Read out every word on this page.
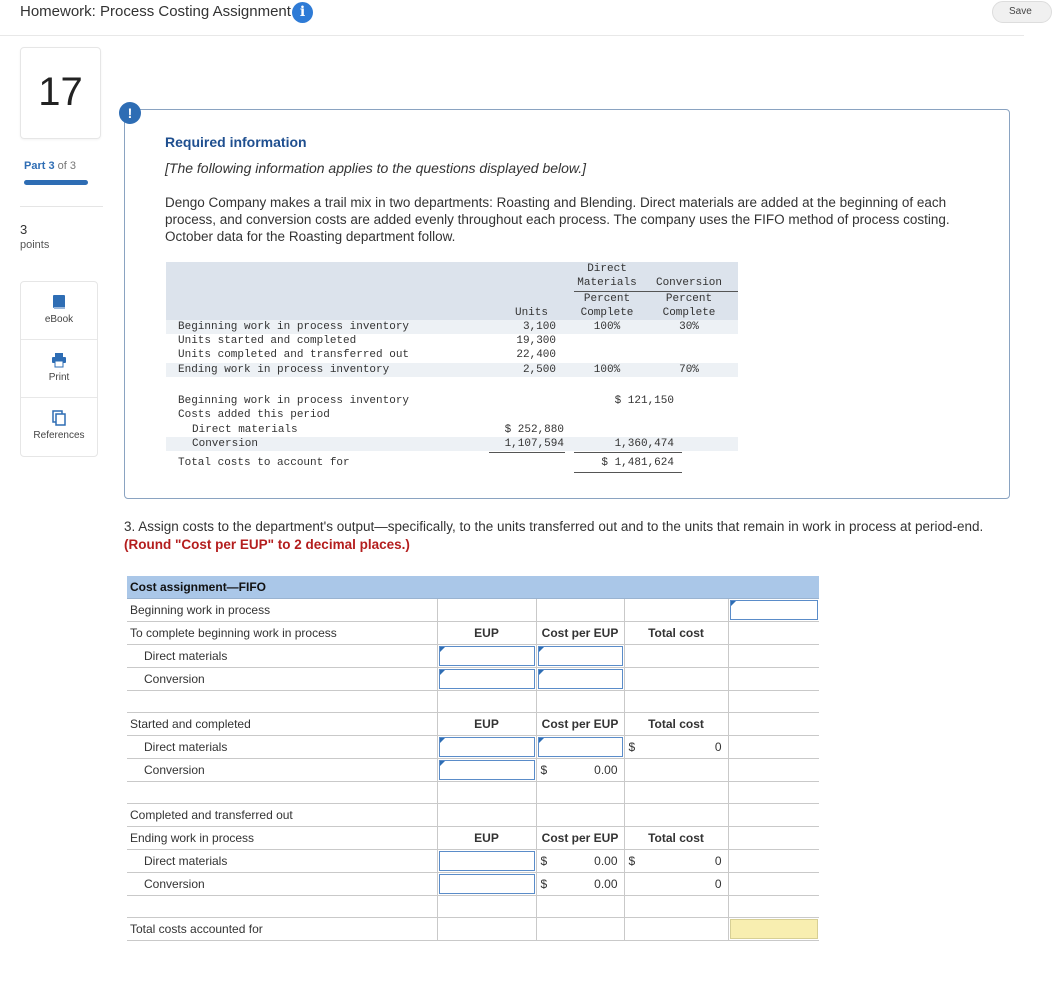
Homework: Process Costing Assignment i	Save
17
Part 3 of 3
3
points
eBook
Print
References
!
Required information
[The following information applies to the questions displayed below.]
Dengo Company makes a trail mix in two departments: Roasting and Blending. Direct materials are added at the beginning of each process, and conversion costs are added evenly throughout each process. The company uses the FIFO method of process costing. October data for the Roasting department follow.
Direct
Materials	Conversion
Percent	Percent
Units	Complete	Complete
Beginning work in process inventory	3,100	100%	30%
Units started and completed	19,300
Units completed and transferred out	22,400
Ending work in process inventory	2,500	100%	70%
Beginning work in process inventory	$ 121,150
Costs added this period
Direct materials	$ 252,880
Conversion	1,107,594	1,360,474
Total costs to account for	$ 1,481,624
3. Assign costs to the department's output—specifically, to the units transferred out and to the units that remain in work in process at period-end. (Round "Cost per EUP" to 2 decimal places.)
Cost assignment—FIFO				
Beginning work in process				

To complete beginning work in process	EUP	Cost per EUP	Total cost	
Direct materials	

Conversion	

Started and completed	EUP	Cost per EUP	Total cost	
Direct materials			$ 0	
Conversion		$ 0.00		

Completed and transferred out				
Ending work in process	EUP	Cost per EUP	Total cost	
Direct materials		$ 0.00	$ 0	
Conversion		$ 0.00	0	

Total costs accounted for				
